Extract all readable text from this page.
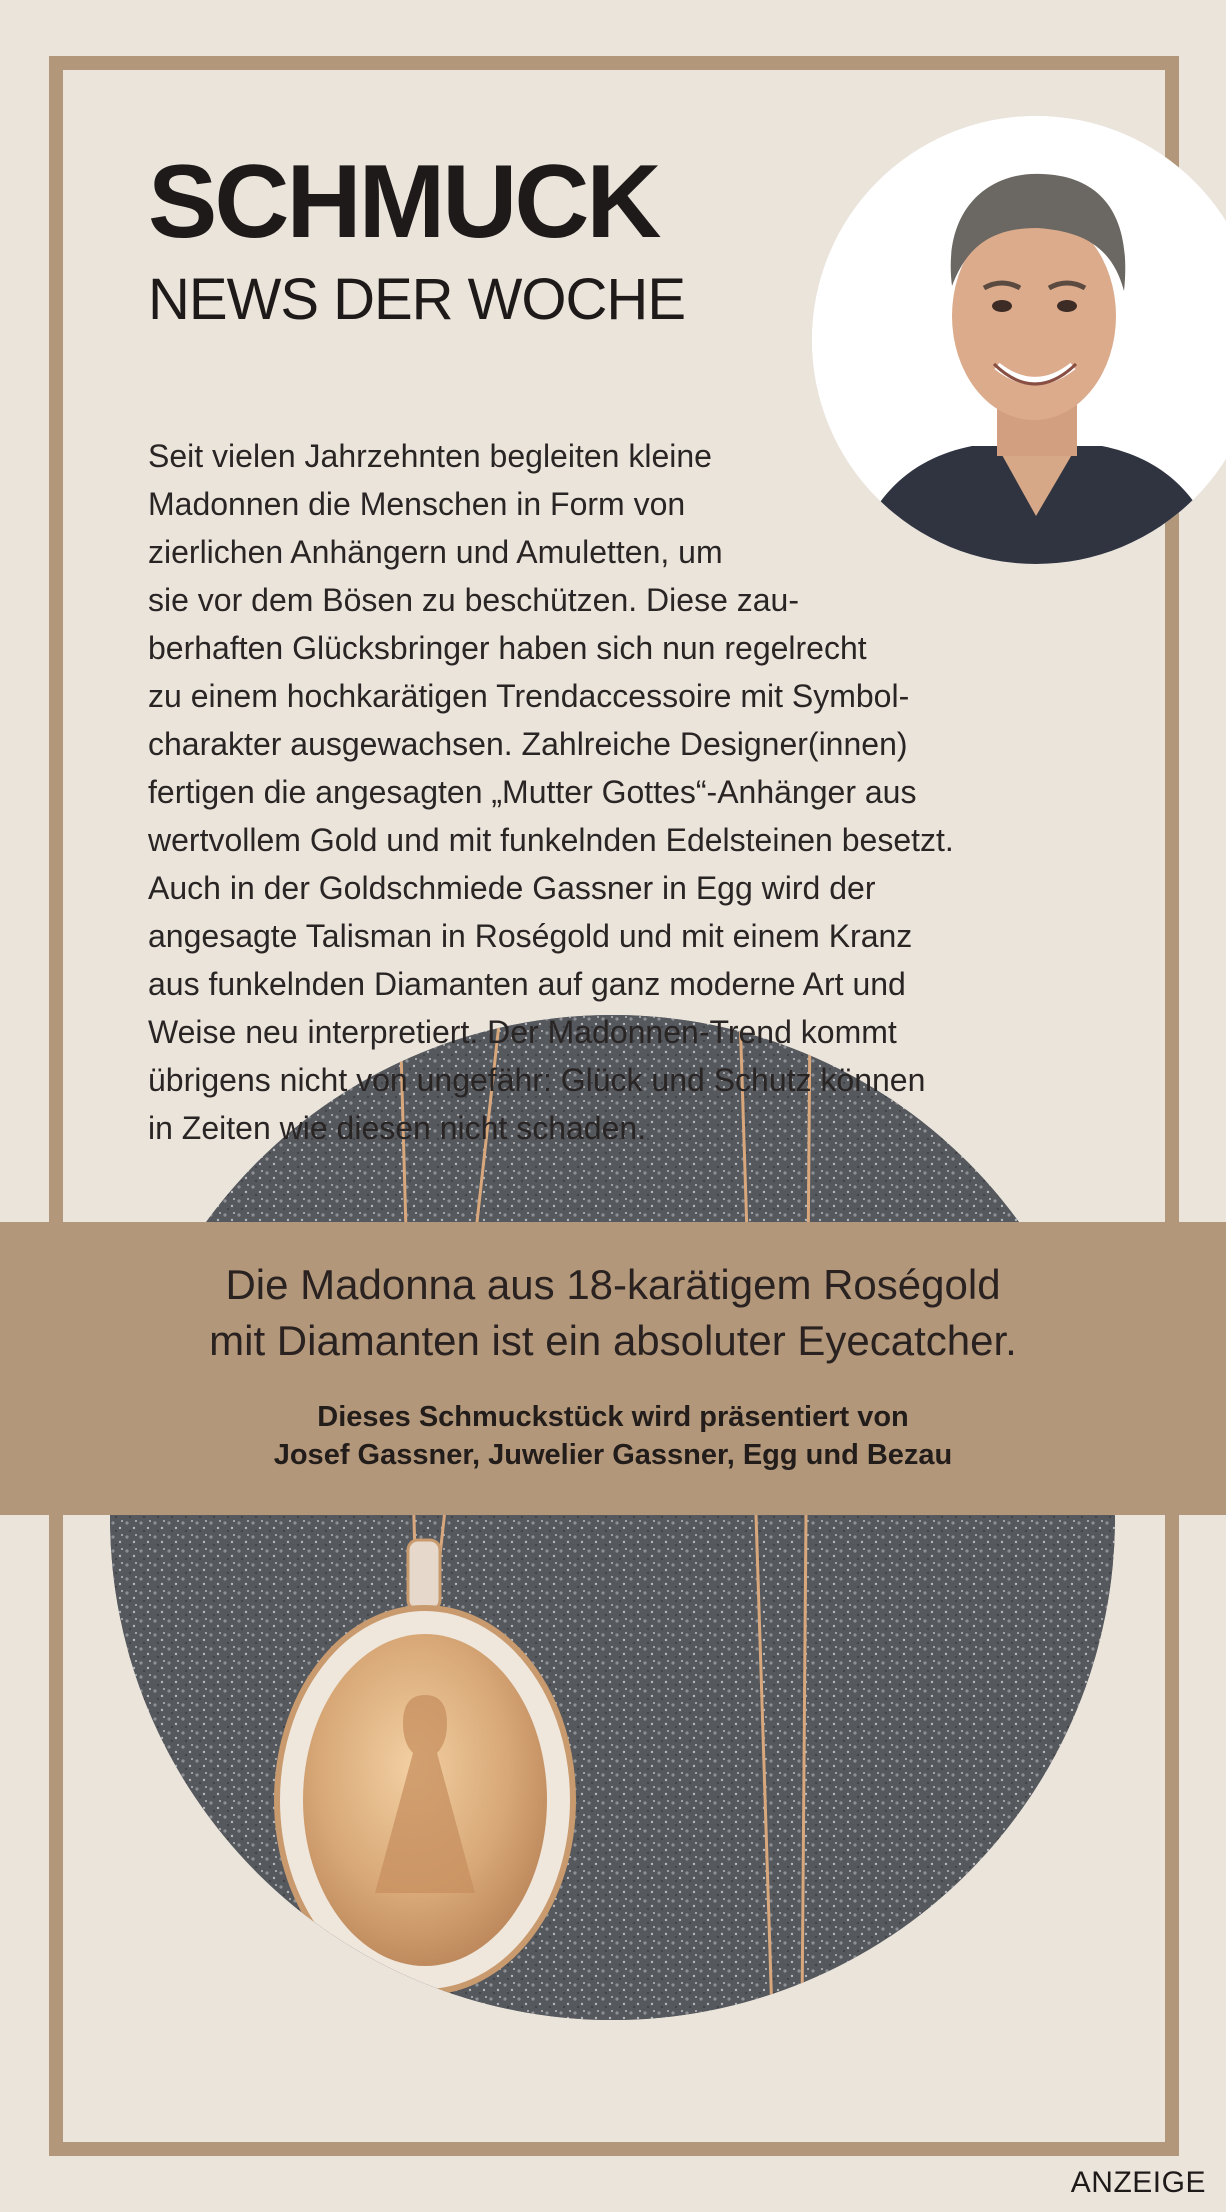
SCHMUCK
NEWS DER WOCHE
Seit vielen Jahrzehnten begleiten kleine
Madonnen die Menschen in Form von
zierlichen Anhängern und Amuletten, um
sie vor dem Bösen zu beschützen. Diese zau-
berhaften Glücksbringer haben sich nun regelrecht
zu einem hochkarätigen Trendaccessoire mit Symbol-
charakter ausgewachsen. Zahlreiche Designer(innen)
fertigen die angesagten „Mutter Gottes“-Anhänger aus
wertvollem Gold und mit funkelnden Edelsteinen besetzt.
Auch in der Goldschmiede Gassner in Egg wird der
angesagte Talisman in Roségold und mit einem Kranz
aus funkelnden Diamanten auf ganz moderne Art und
Weise neu interpretiert. Der Madonnen-Trend kommt
übrigens nicht von ungefähr: Glück und Schutz können
in Zeiten wie diesen nicht schaden.
Die Madonna aus 18-karätigem Roségold
mit Diamanten ist ein absoluter Eyecatcher.
Dieses Schmuckstück wird präsentiert von
Josef Gassner, Juwelier Gassner, Egg und Bezau
ANZEIGE
